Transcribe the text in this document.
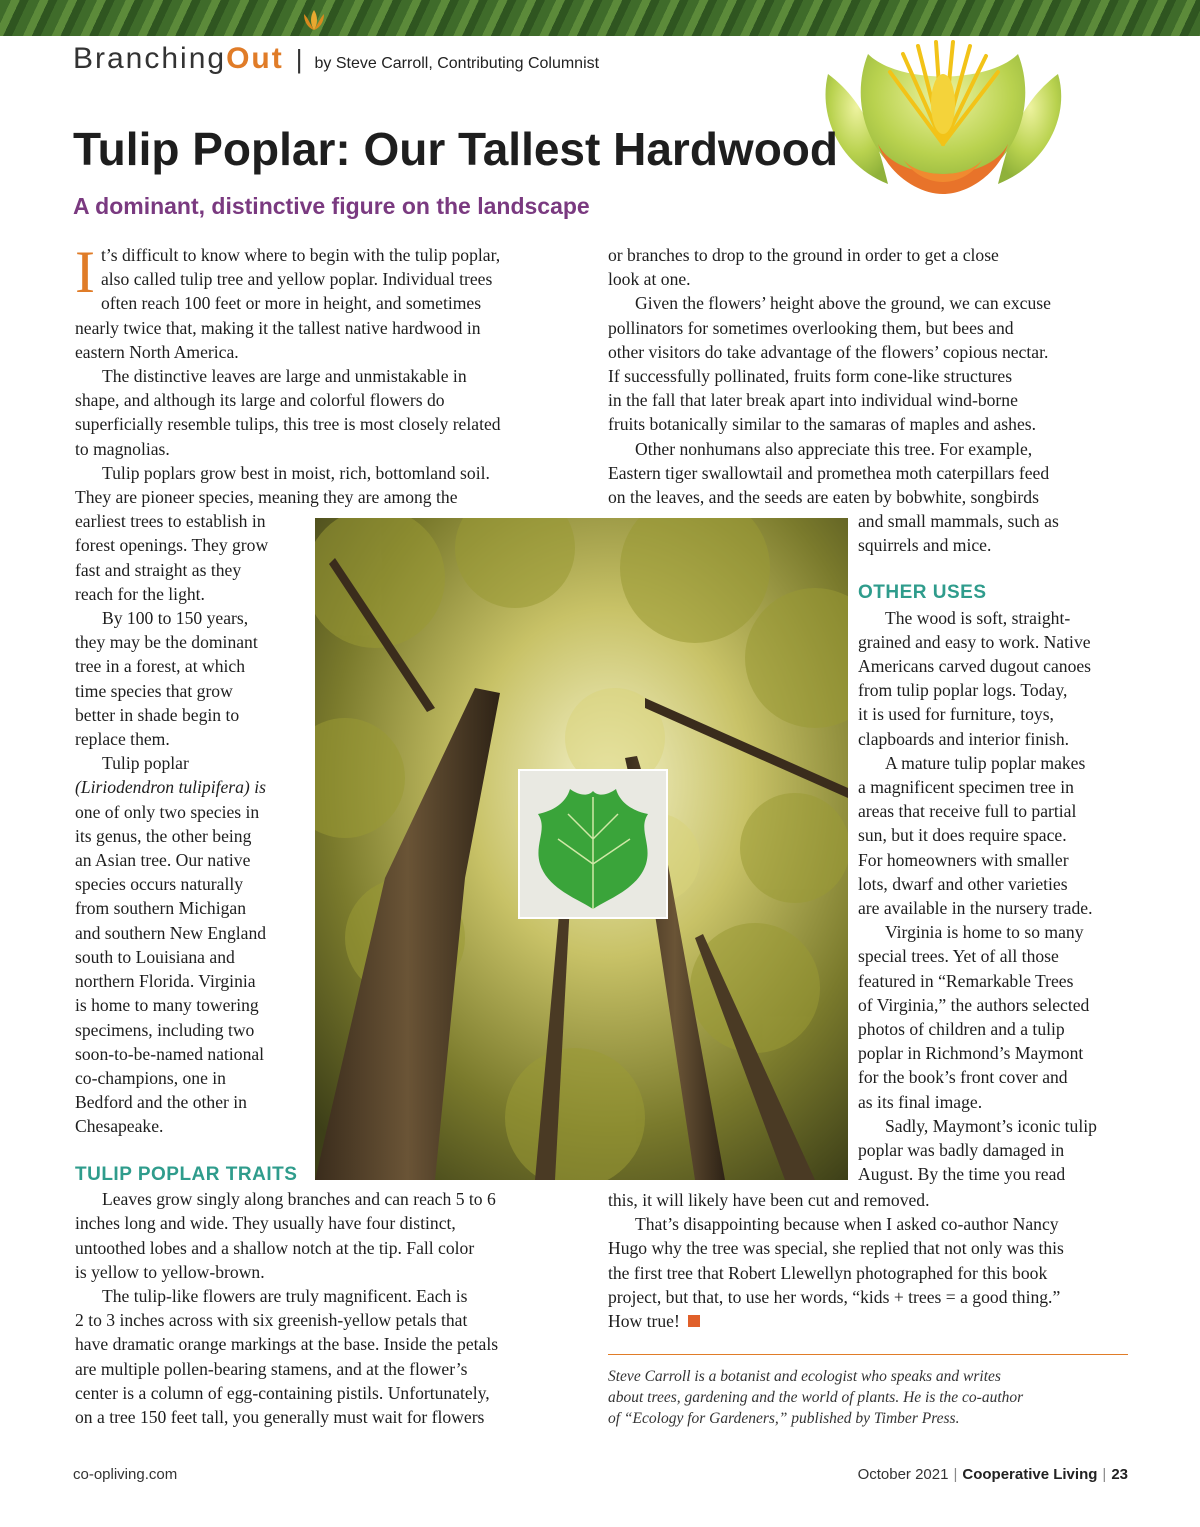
Branching Out | by Steve Carroll, Contributing Columnist
Tulip Poplar: Our Tallest Hardwood
A dominant, distinctive figure on the landscape

I t’s difficult to know where to begin with the tulip poplar,
also called tulip tree and yellow poplar. Individual trees
often reach 100 feet or more in height, and sometimes
nearly twice that, making it the tallest native hardwood in
eastern North America.

The distinctive leaves are large and unmistakable in
shape, and although its large and colorful flowers do
superficially resemble tulips, this tree is most closely related
to magnolias.

Tulip poplars grow best in moist, rich, bottomland soil.
They are pioneer species, meaning they are among the
earliest trees to establish in
forest openings. They grow
fast and straight as they
reach for the light.

By 100 to 150 years,
they may be the dominant
tree in a forest, at which
time species that grow
better in shade begin to
replace them.

Tulip poplar
(Liriodendron tulipifera) is
one of only two species in
its genus, the other being
an Asian tree. Our native
species occurs naturally
from southern Michigan
and southern New England
south to Louisiana and
northern Florida. Virginia
is home to many towering
specimens, including two
soon-to-be-named national
co-champions, one in
Bedford and the other in
Chesapeake.

TULIP POPLAR TRAITS

Leaves grow singly along branches and can reach 5 to 6
inches long and wide. They usually have four distinct,
untoothed lobes and a shallow notch at the tip. Fall color
is yellow to yellow-brown.

The tulip-like flowers are truly magnificent. Each is
2 to 3 inches across with six greenish-yellow petals that
have dramatic orange markings at the base. Inside the petals
are multiple pollen-bearing stamens, and at the flower’s
center is a column of egg-containing pistils. Unfortunately,
on a tree 150 feet tall, you generally must wait for flowers

or branches to drop to the ground in order to get a close
look at one.

Given the flowers’ height above the ground, we can excuse
pollinators for sometimes overlooking them, but bees and
other visitors do take advantage of the flowers’ copious nectar.
If successfully pollinated, fruits form cone-like structures
in the fall that later break apart into individual wind-borne
fruits botanically similar to the samaras of maples and ashes.

Other nonhumans also appreciate this tree. For example,
Eastern tiger swallowtail and promethea moth caterpillars feed
on the leaves, and the seeds are eaten by bobwhite, songbirds

and small mammals, such as
squirrels and mice.

OTHER USES

The wood is soft, straight-
grained and easy to work. Native
Americans carved dugout canoes
from tulip poplar logs. Today,
it is used for furniture, toys,
clapboards and interior finish.

A mature tulip poplar makes
a magnificent specimen tree in
areas that receive full to partial
sun, but it does require space.
For homeowners with smaller
lots, dwarf and other varieties
are available in the nursery trade.

Virginia is home to so many
special trees. Yet of all those
featured in “Remarkable Trees
of Virginia,” the authors selected
photos of children and a tulip
poplar in Richmond’s Maymont
for the book’s front cover and
as its final image.

Sadly, Maymont’s iconic tulip
poplar was badly damaged in
August. By the time you read

this, it will likely have been cut and removed.

That’s disappointing because when I asked co-author Nancy
Hugo why the tree was special, she replied that not only was this
the first tree that Robert Llewellyn photographed for this book
project, but that, to use her words, “kids + trees = a good thing.”
How true!

Steve Carroll is a botanist and ecologist who speaks and writes
about trees, gardening and the world of plants. He is the co-author
of “Ecology for Gardeners,” published by Timber Press.
co-opliving.com	October 2021 | Cooperative Living | 23
